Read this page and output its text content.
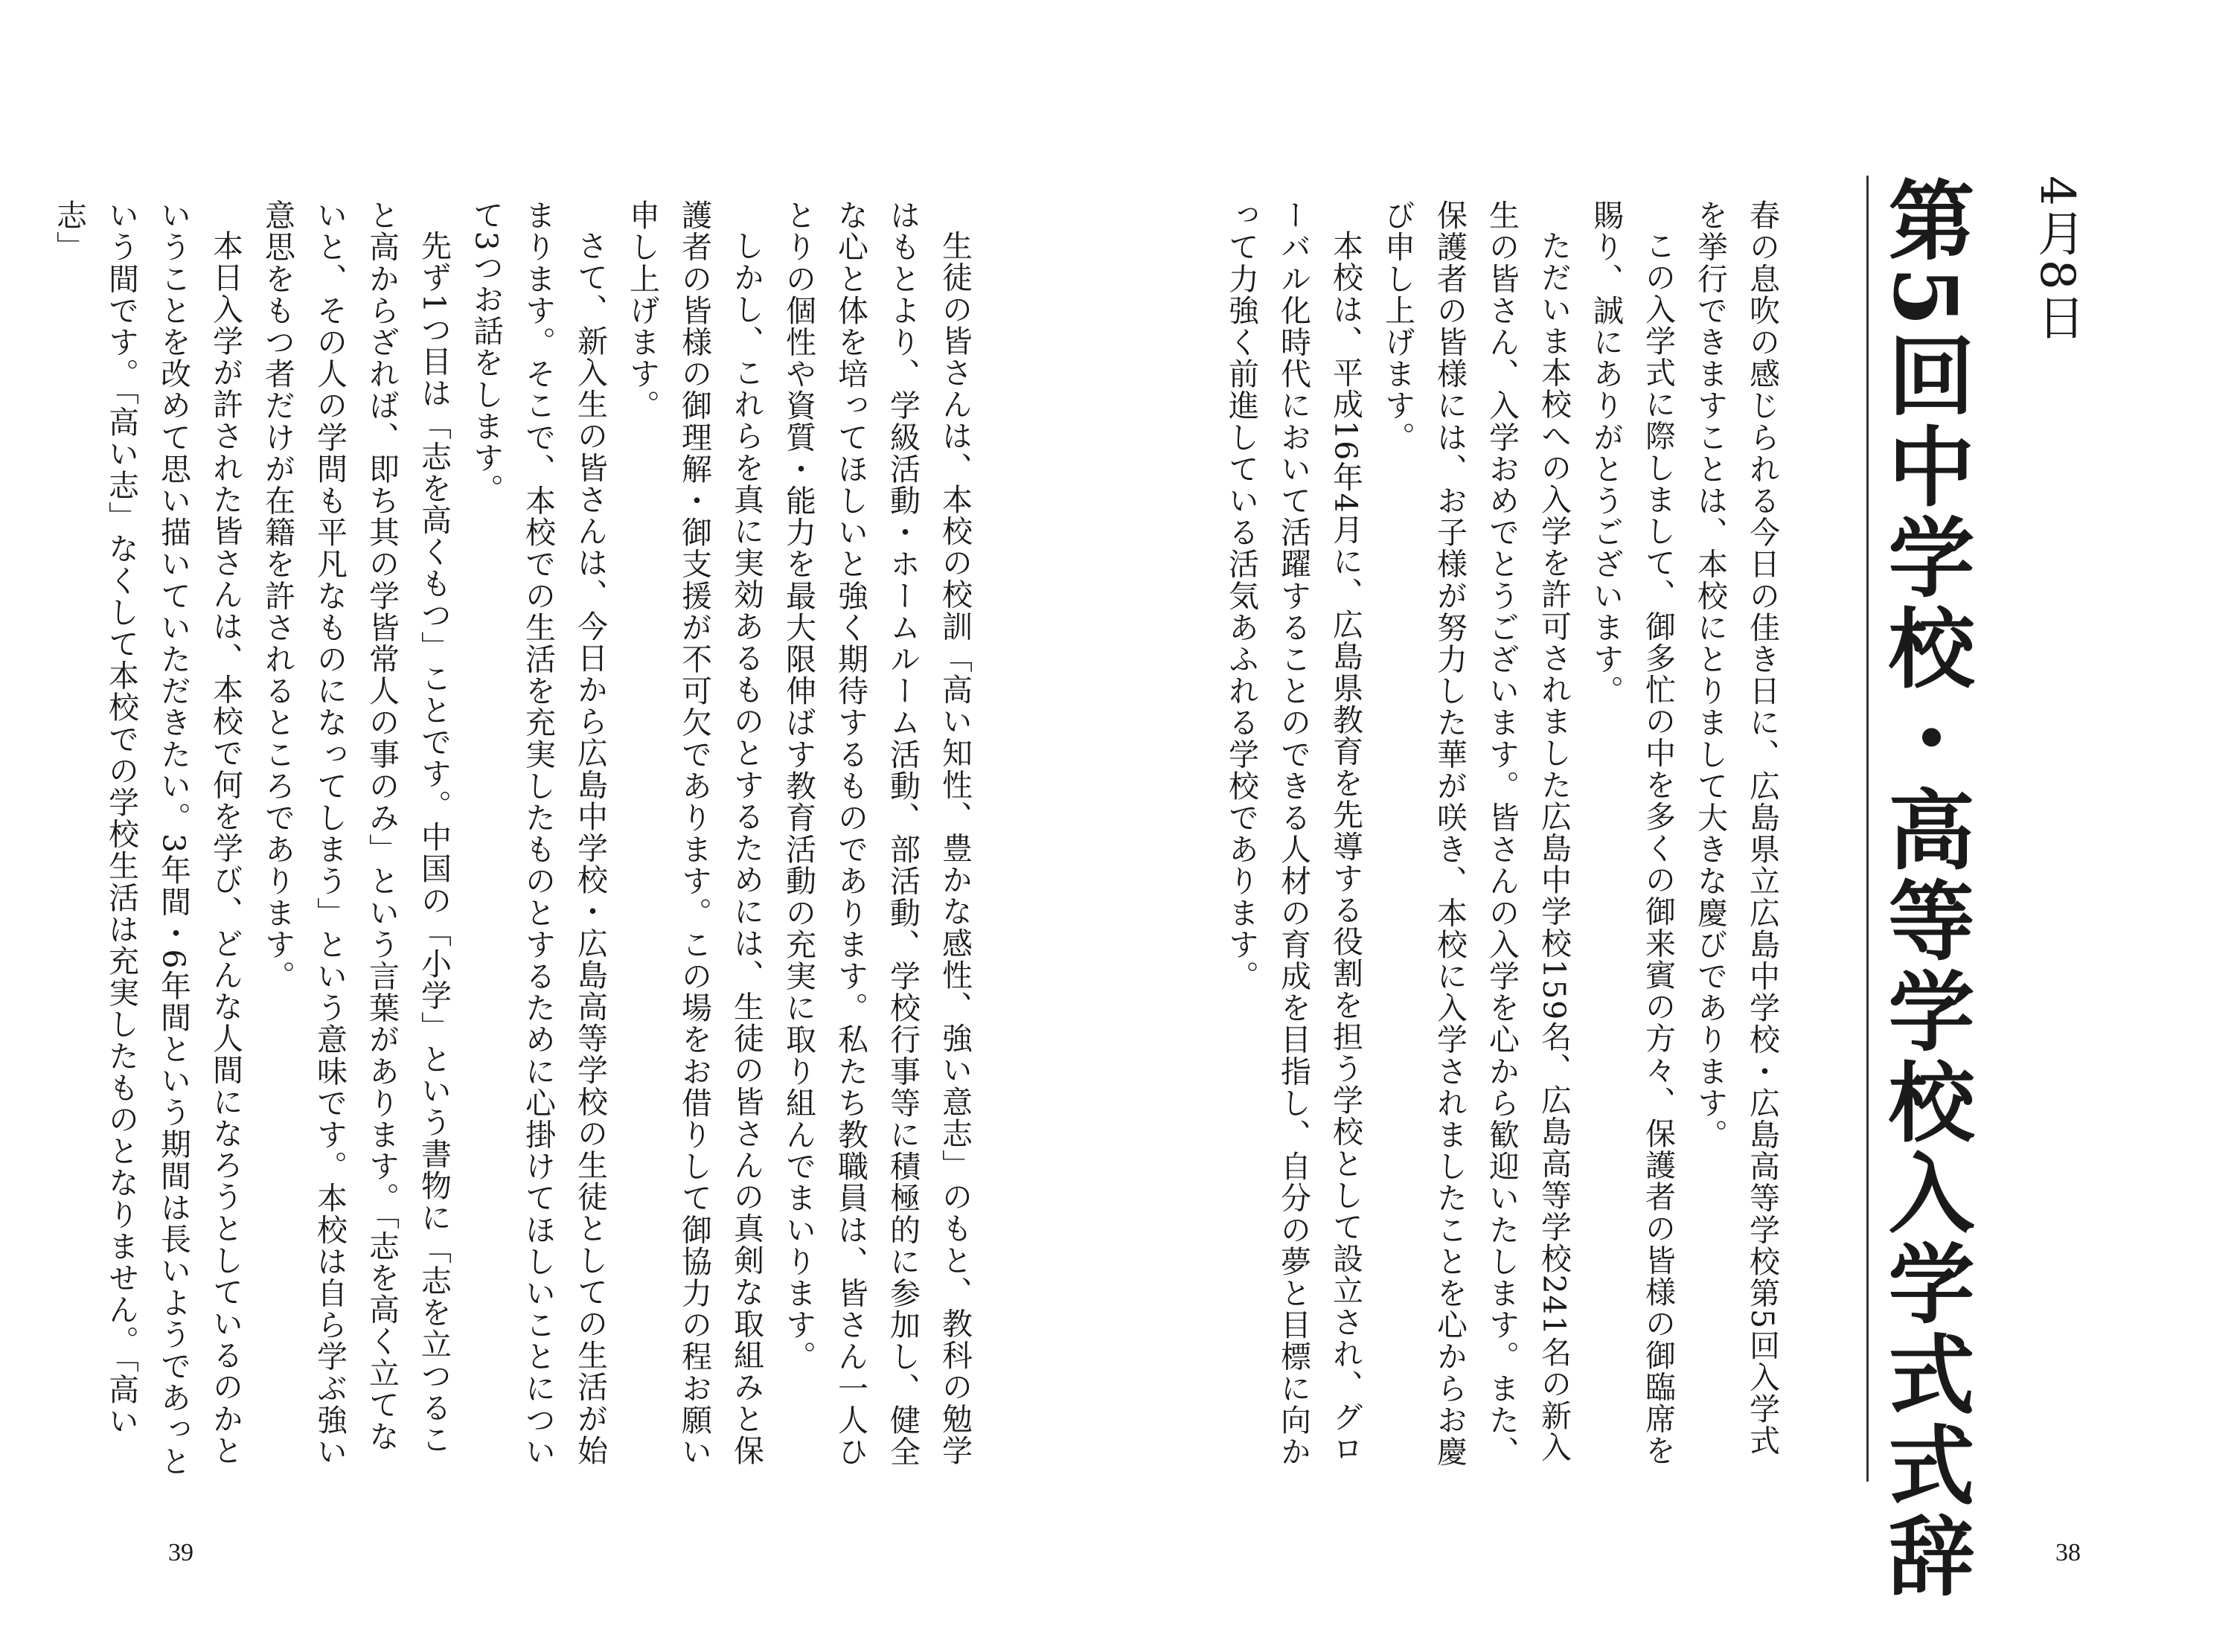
4月8日
第5回中学校・高等学校入学式式辞

春の息吹の感じられる今日の佳き日に、広島県立広島中学校・広島高等学校第5回入学式を挙行できますことは、本校にとりまして大きな慶びであります。

この入学式に際しまして、御多忙の中を多くの御来賓の方々、保護者の皆様の御臨席を賜り、誠にありがとうございます。

ただいま本校への入学を許可されました広島中学校159名、広島高等学校241名の新入生の皆さん、入学おめでとうございます。皆さんの入学を心から歓迎いたします。また、保護者の皆様には、お子様が努力した華が咲き、本校に入学されましたことを心からお慶び申し上げます。

本校は、平成16年4月に、広島県教育を先導する役割を担う学校として設立され、グローバル化時代において活躍することのできる人材の育成を目指し、自分の夢と目標に向かって力強く前進している活気あふれる学校であります。

38

生徒の皆さんは、本校の校訓「高い知性、豊かな感性、強い意志」のもと、教科の勉学はもとより、学級活動・ホームルーム活動、部活動、学校行事等に積極的に参加し、健全な心と体を培ってほしいと強く期待するものであります。私たち教職員は、皆さん一人ひとりの個性や資質・能力を最大限伸ばす教育活動の充実に取り組んでまいります。

しかし、これらを真に実効あるものとするためには、生徒の皆さんの真剣な取組みと保護者の皆様の御理解・御支援が不可欠であります。この場をお借りして御協力の程お願い申し上げます。

さて、新入生の皆さんは、今日から広島中学校・広島高等学校の生徒としての生活が始まります。そこで、本校での生活を充実したものとするために心掛けてほしいことについて3つお話をします。

先ず1つ目は「志を高くもつ」ことです。中国の「小学」という書物に「志を立つること高からざれば、即ち其の学皆常人の事のみ」という言葉があります。「志を高く立てないと、その人の学問も平凡なものになってしまう」という意味です。本校は自ら学ぶ強い意思をもつ者だけが在籍を許されるところであります。

本日入学が許された皆さんは、本校で何を学び、どんな人間になろうとしているのかということを改めて思い描いていただきたい。3年間・6年間という期間は長いようであっという間です。「高い志」なくして本校での学校生活は充実したものとなりません。「高い志」

39
